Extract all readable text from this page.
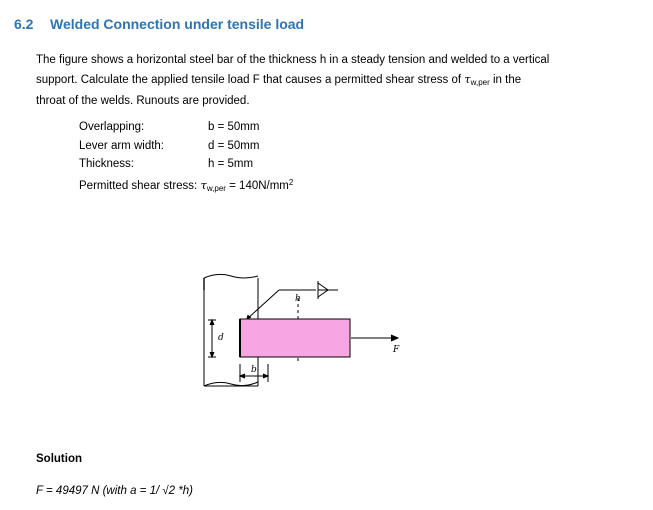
6.2 Welded Connection under tensile load
The figure shows a horizontal steel bar of the thickness h in a steady tension and welded to a vertical
support. Calculate the applied tensile load F that causes a permitted shear stress of $\tau_{w,per}$ in the
throat of the welds. Runouts are provided.
Overlapping:	b = 50mm
Lever arm width:	d = 50mm
Thickness:	h = 5mm
Permitted shear stress: $\tau_{w,per} = 140N/mm^2$
h
d
b
F
Solution
F = 49497 N (with a = 1/ √2 *h)
